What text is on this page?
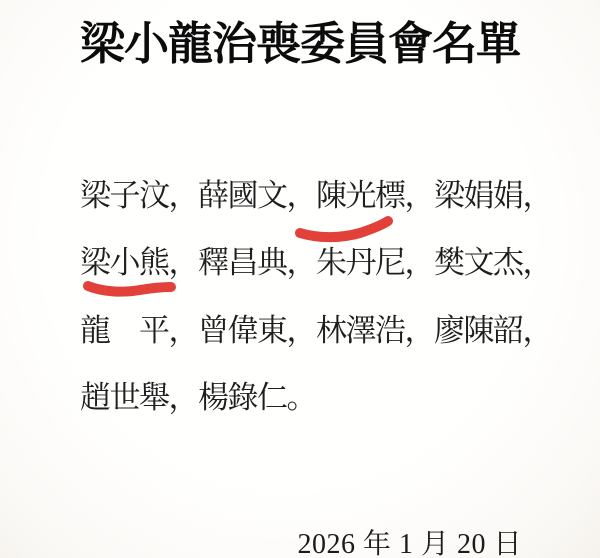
梁小龍治喪委員會名單
梁子汶，薛國文，陳光標，梁娟娟，
梁小熊，釋昌典，朱丹尼，樊文杰，
龍　平，曾偉東，林澤浩，廖陳韶，
趙世舉，楊錄仁。
2026 年 1 月 20 日
